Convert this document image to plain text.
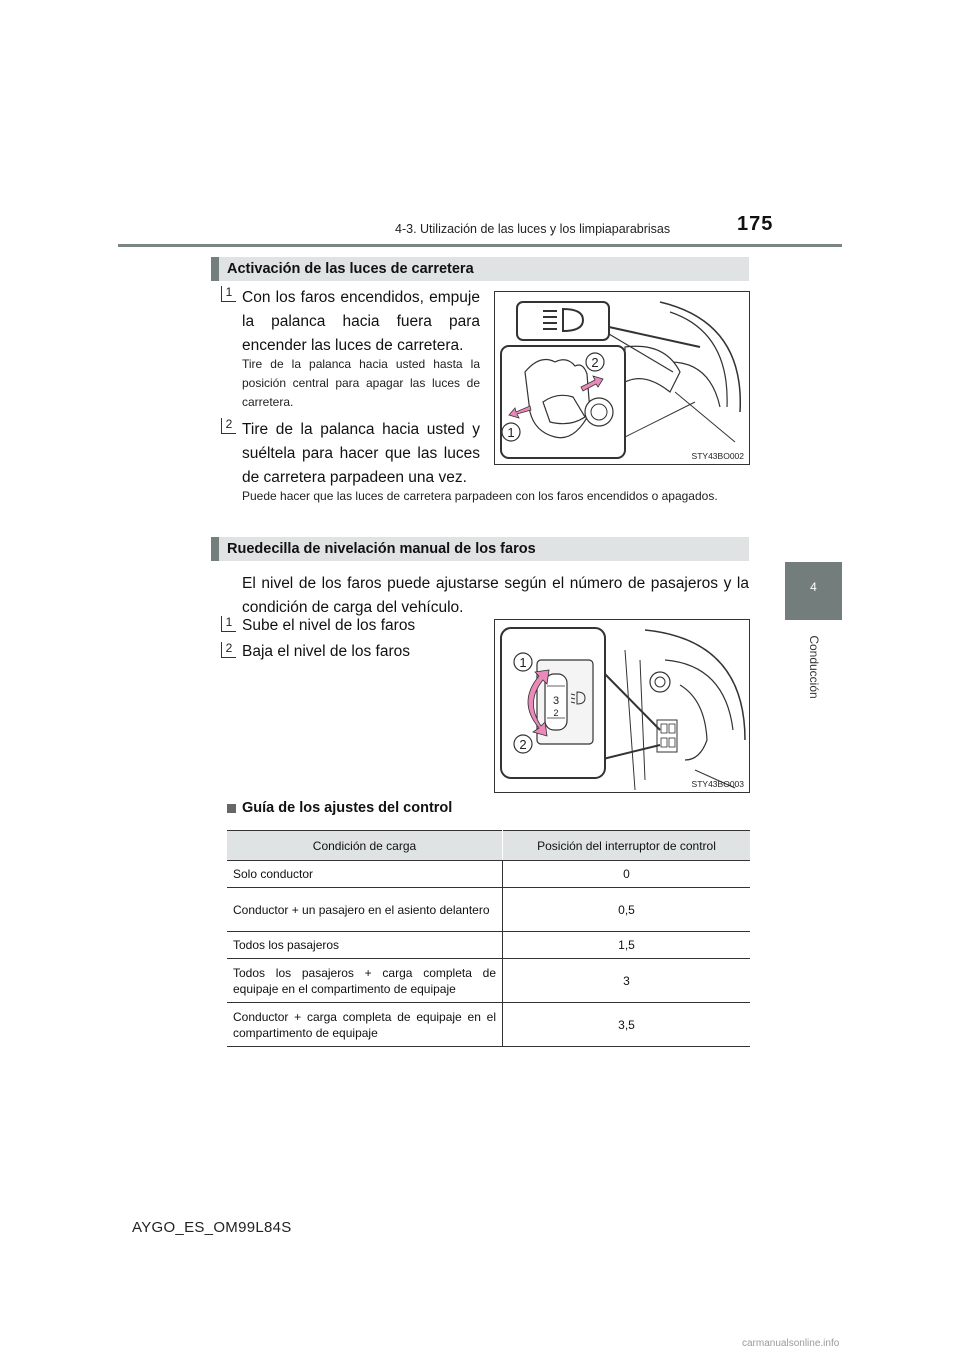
4-3. Utilización de las luces y los limpiaparabrisas	175
4
Conducción
Activación de las luces de carretera
1 Con los faros encendidos, empuje la palanca hacia fuera para encender las luces de carretera.
Tire de la palanca hacia usted hasta la posición central para apagar las luces de carretera.
2 Tire de la palanca hacia usted y suéltela para hacer que las luces de carretera parpadeen una vez.
Puede hacer que las luces de carretera parpadeen con los faros encendidos o apagados.
2
1
STY43BO002
Ruedecilla de nivelación manual de los faros
El nivel de los faros puede ajustarse según el número de pasajeros y la condición de carga del vehículo.
1 Sube el nivel de los faros
2 Baja el nivel de los faros
3
2
1
2
STY43BO003
Guía de los ajustes del control
Condición de carga	Posición del interruptor de control
Solo conductor	0
Conductor + un pasajero en el asiento delantero	0,5
Todos los pasajeros	1,5
Todos los pasajeros + carga completa de equipaje en el compartimento de equipaje	3
Conductor + carga completa de equipaje en el compartimento de equipaje	3,5
AYGO_ES_OM99L84S
carmanualsonline.info
